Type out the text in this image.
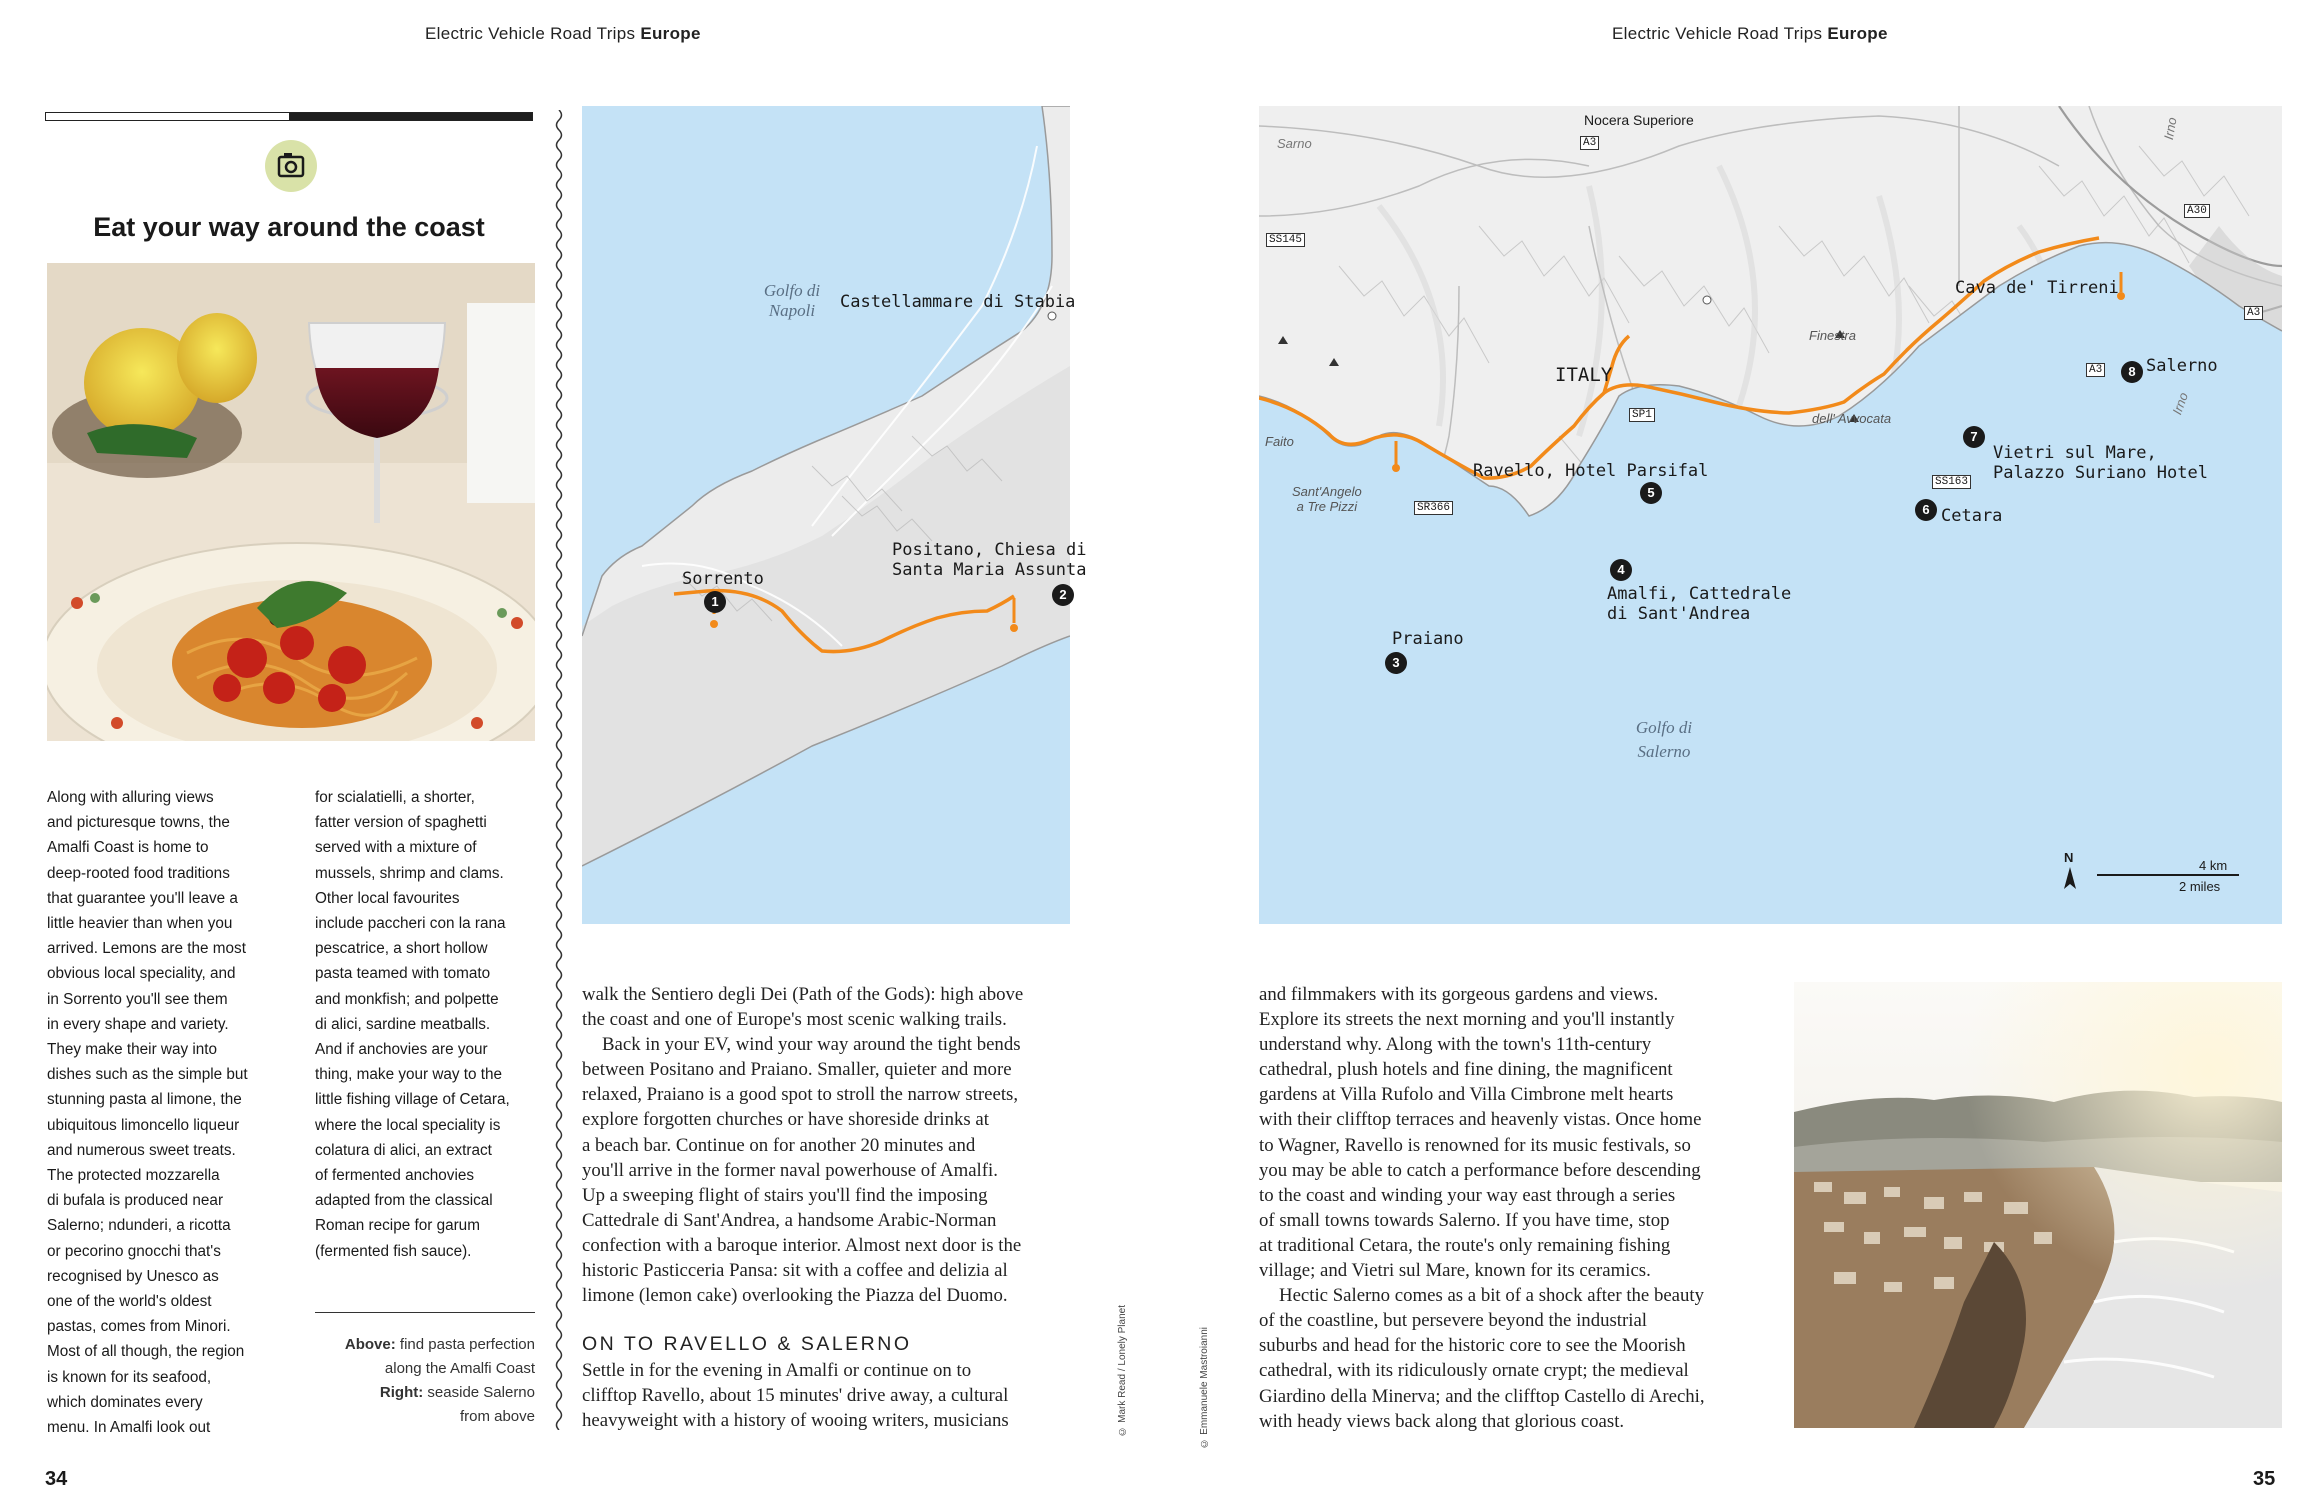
Electric Vehicle Road Trips Europe	Electric Vehicle Road Trips Europe
Eat your way around the coast
Along with alluring views
and picturesque towns, the
Amalfi Coast is home to
deep-rooted food traditions
that guarantee you'll leave a
little heavier than when you
arrived. Lemons are the most
obvious local speciality, and
in Sorrento you'll see them
in every shape and variety.
They make their way into
dishes such as the simple but
stunning pasta al limone, the
ubiquitous limoncello liqueur
and numerous sweet treats.
The protected mozzarella
di bufala is produced near
Salerno; ndunderi, a ricotta
or pecorino gnocchi that's
recognised by Unesco as
one of the world's oldest
pastas, comes from Minori.
Most of all though, the region
is known for its seafood,
which dominates every
menu. In Amalfi look out
for scialatielli, a shorter,
fatter version of spaghetti
served with a mixture of
mussels, shrimp and clams.
Other local favourites
include paccheri con la rana
pescatrice, a short hollow
pasta teamed with tomato
and monkfish; and polpette
di alici, sardine meatballs.
And if anchovies are your
thing, make your way to the
little fishing village of Cetara,
where the local speciality is
colatura di alici, an extract
of fermented anchovies
adapted from the classical
Roman recipe for garum
(fermented fish sauce).
Above: find pasta perfection
along the Amalfi Coast
Right: seaside Salerno
from above
Golfo di
Napoli	Castellammare di Stabia
Sorrento
1
Positano, Chiesa di
Santa Maria Assunta
2
walk the Sentiero degli Dei (Path of the Gods): high above
the coast and one of Europe's most scenic walking trails.
Back in your EV, wind your way around the tight bends
between Positano and Praiano. Smaller, quieter and more
relaxed, Praiano is a good spot to stroll the narrow streets,
explore forgotten churches or have shoreside drinks at
a beach bar. Continue on for another 20 minutes and
you'll arrive in the former naval powerhouse of Amalfi.
Up a sweeping flight of stairs you'll find the imposing
Cattedrale di Sant'Andrea, a handsome Arabic-Norman
confection with a baroque interior. Almost next door is the
historic Pasticceria Pansa: sit with a coffee and delizia al
limone (lemon cake) overlooking the Piazza del Duomo.
ON TO RAVELLO & SALERNO
Settle in for the evening in Amalfi or continue on to
clifftop Ravello, about 15 minutes' drive away, a cultural
heavyweight with a history of wooing writers, musicians	© Mark Read / Lonely Planet	© Emmanuele Mastroianni
Nocera Superiore
Sarno
Irno
Irno
A3
A30
SS145
A3
A3
SP1
SR366
SS163
ITALY
Cava de' Tirreni
Finestra
dell' Avvocata
Faito
Sant'Angelo
a Tre Pizzi
Praiano
3
Amalfi, Cattedrale
di Sant'Andrea
4
Ravello, Hotel Parsifal
5
Cetara
6
Vietri sul Mare,
Palazzo Suriano Hotel
7
Salerno
8
Golfo di
Salerno
N
4 km
2 miles
and filmmakers with its gorgeous gardens and views.
Explore its streets the next morning and you'll instantly
understand why. Along with the town's 11th-century
cathedral, plush hotels and fine dining, the magnificent
gardens at Villa Rufolo and Villa Cimbrone melt hearts
with their clifftop terraces and heavenly vistas. Once home
to Wagner, Ravello is renowned for its music festivals, so
you may be able to catch a performance before descending
to the coast and winding your way east through a series
of small towns towards Salerno. If you have time, stop
at traditional Cetara, the route's only remaining fishing
village; and Vietri sul Mare, known for its ceramics.
Hectic Salerno comes as a bit of a shock after the beauty
of the coastline, but persevere beyond the industrial
suburbs and head for the historic core to see the Moorish
cathedral, with its ridiculously ornate crypt; the medieval
Giardino della Minerva; and the clifftop Castello di Arechi,
with heady views back along that glorious coast.
34	35
